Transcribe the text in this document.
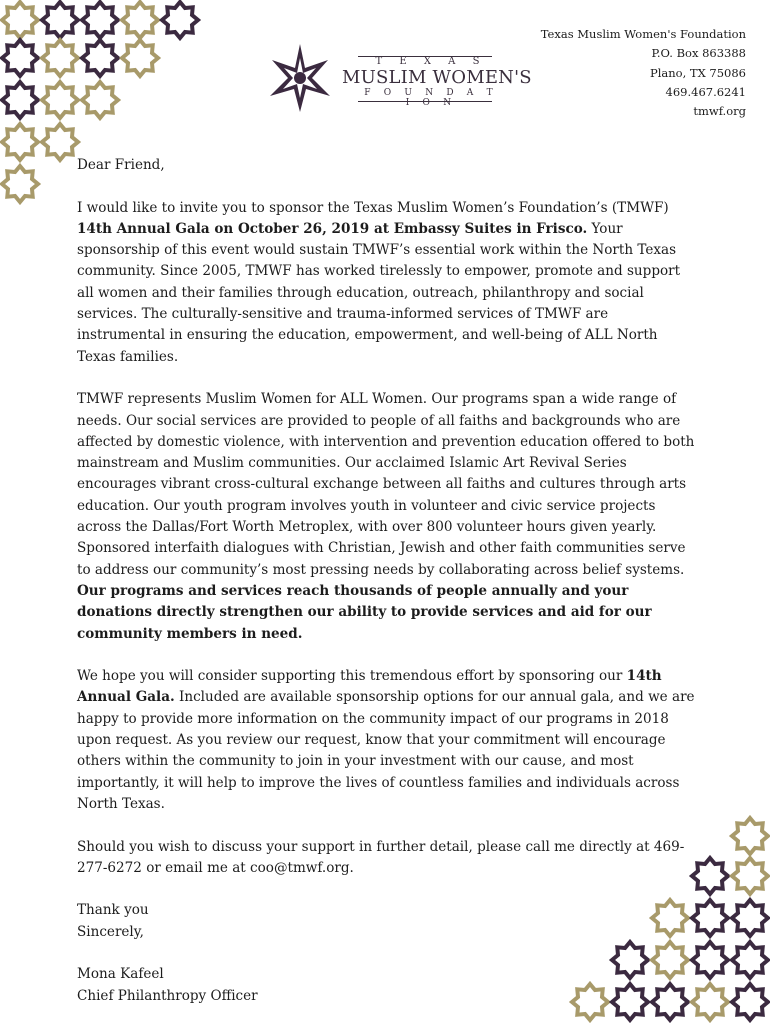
T E X A S
MUSLIM WOMEN'S
F O U N D A T I O N
Texas Muslim Women's Foundation
P.O. Box 863388
Plano, TX 75086
469.467.6241
tmwf.org

Dear Friend,

I would like to invite you to sponsor the Texas Muslim Women’s Foundation’s (TMWF) 14th Annual Gala on October 26, 2019 at Embassy Suites in Frisco. Your sponsorship of this event would sustain TMWF’s essential work within the North Texas community. Since 2005, TMWF has worked tirelessly to empower, promote and support all women and their families through education, outreach, philanthropy and social services. The culturally-sensitive and trauma-informed services of TMWF are instrumental in ensuring the education, empowerment, and well-being of ALL North Texas families.

TMWF represents Muslim Women for ALL Women. Our programs span a wide range of needs. Our social services are provided to people of all faiths and backgrounds who are affected by domestic violence, with intervention and prevention education offered to both mainstream and Muslim communities. Our acclaimed Islamic Art Revival Series encourages vibrant cross-cultural exchange between all faiths and cultures through arts education. Our youth program involves youth in volunteer and civic service projects across the Dallas/Fort Worth Metroplex, with over 800 volunteer hours given yearly. Sponsored interfaith dialogues with Christian, Jewish and other faith communities serve to address our community’s most pressing needs by collaborating across belief systems. Our programs and services reach thousands of people annually and your donations directly strengthen our ability to provide services and aid for our community members in need.

We hope you will consider supporting this tremendous effort by sponsoring our 14th Annual Gala. Included are available sponsorship options for our annual gala, and we are happy to provide more information on the community impact of our programs in 2018 upon request. As you review our request, know that your commitment will encourage others within the community to join in your investment with our cause, and most importantly, it will help to improve the lives of countless families and individuals across North Texas.

Should you wish to discuss your support in further detail, please call me directly at 469-277-6272 or email me at coo@tmwf.org.

Thank you
Sincerely,

Mona Kafeel
Chief Philanthropy Officer
